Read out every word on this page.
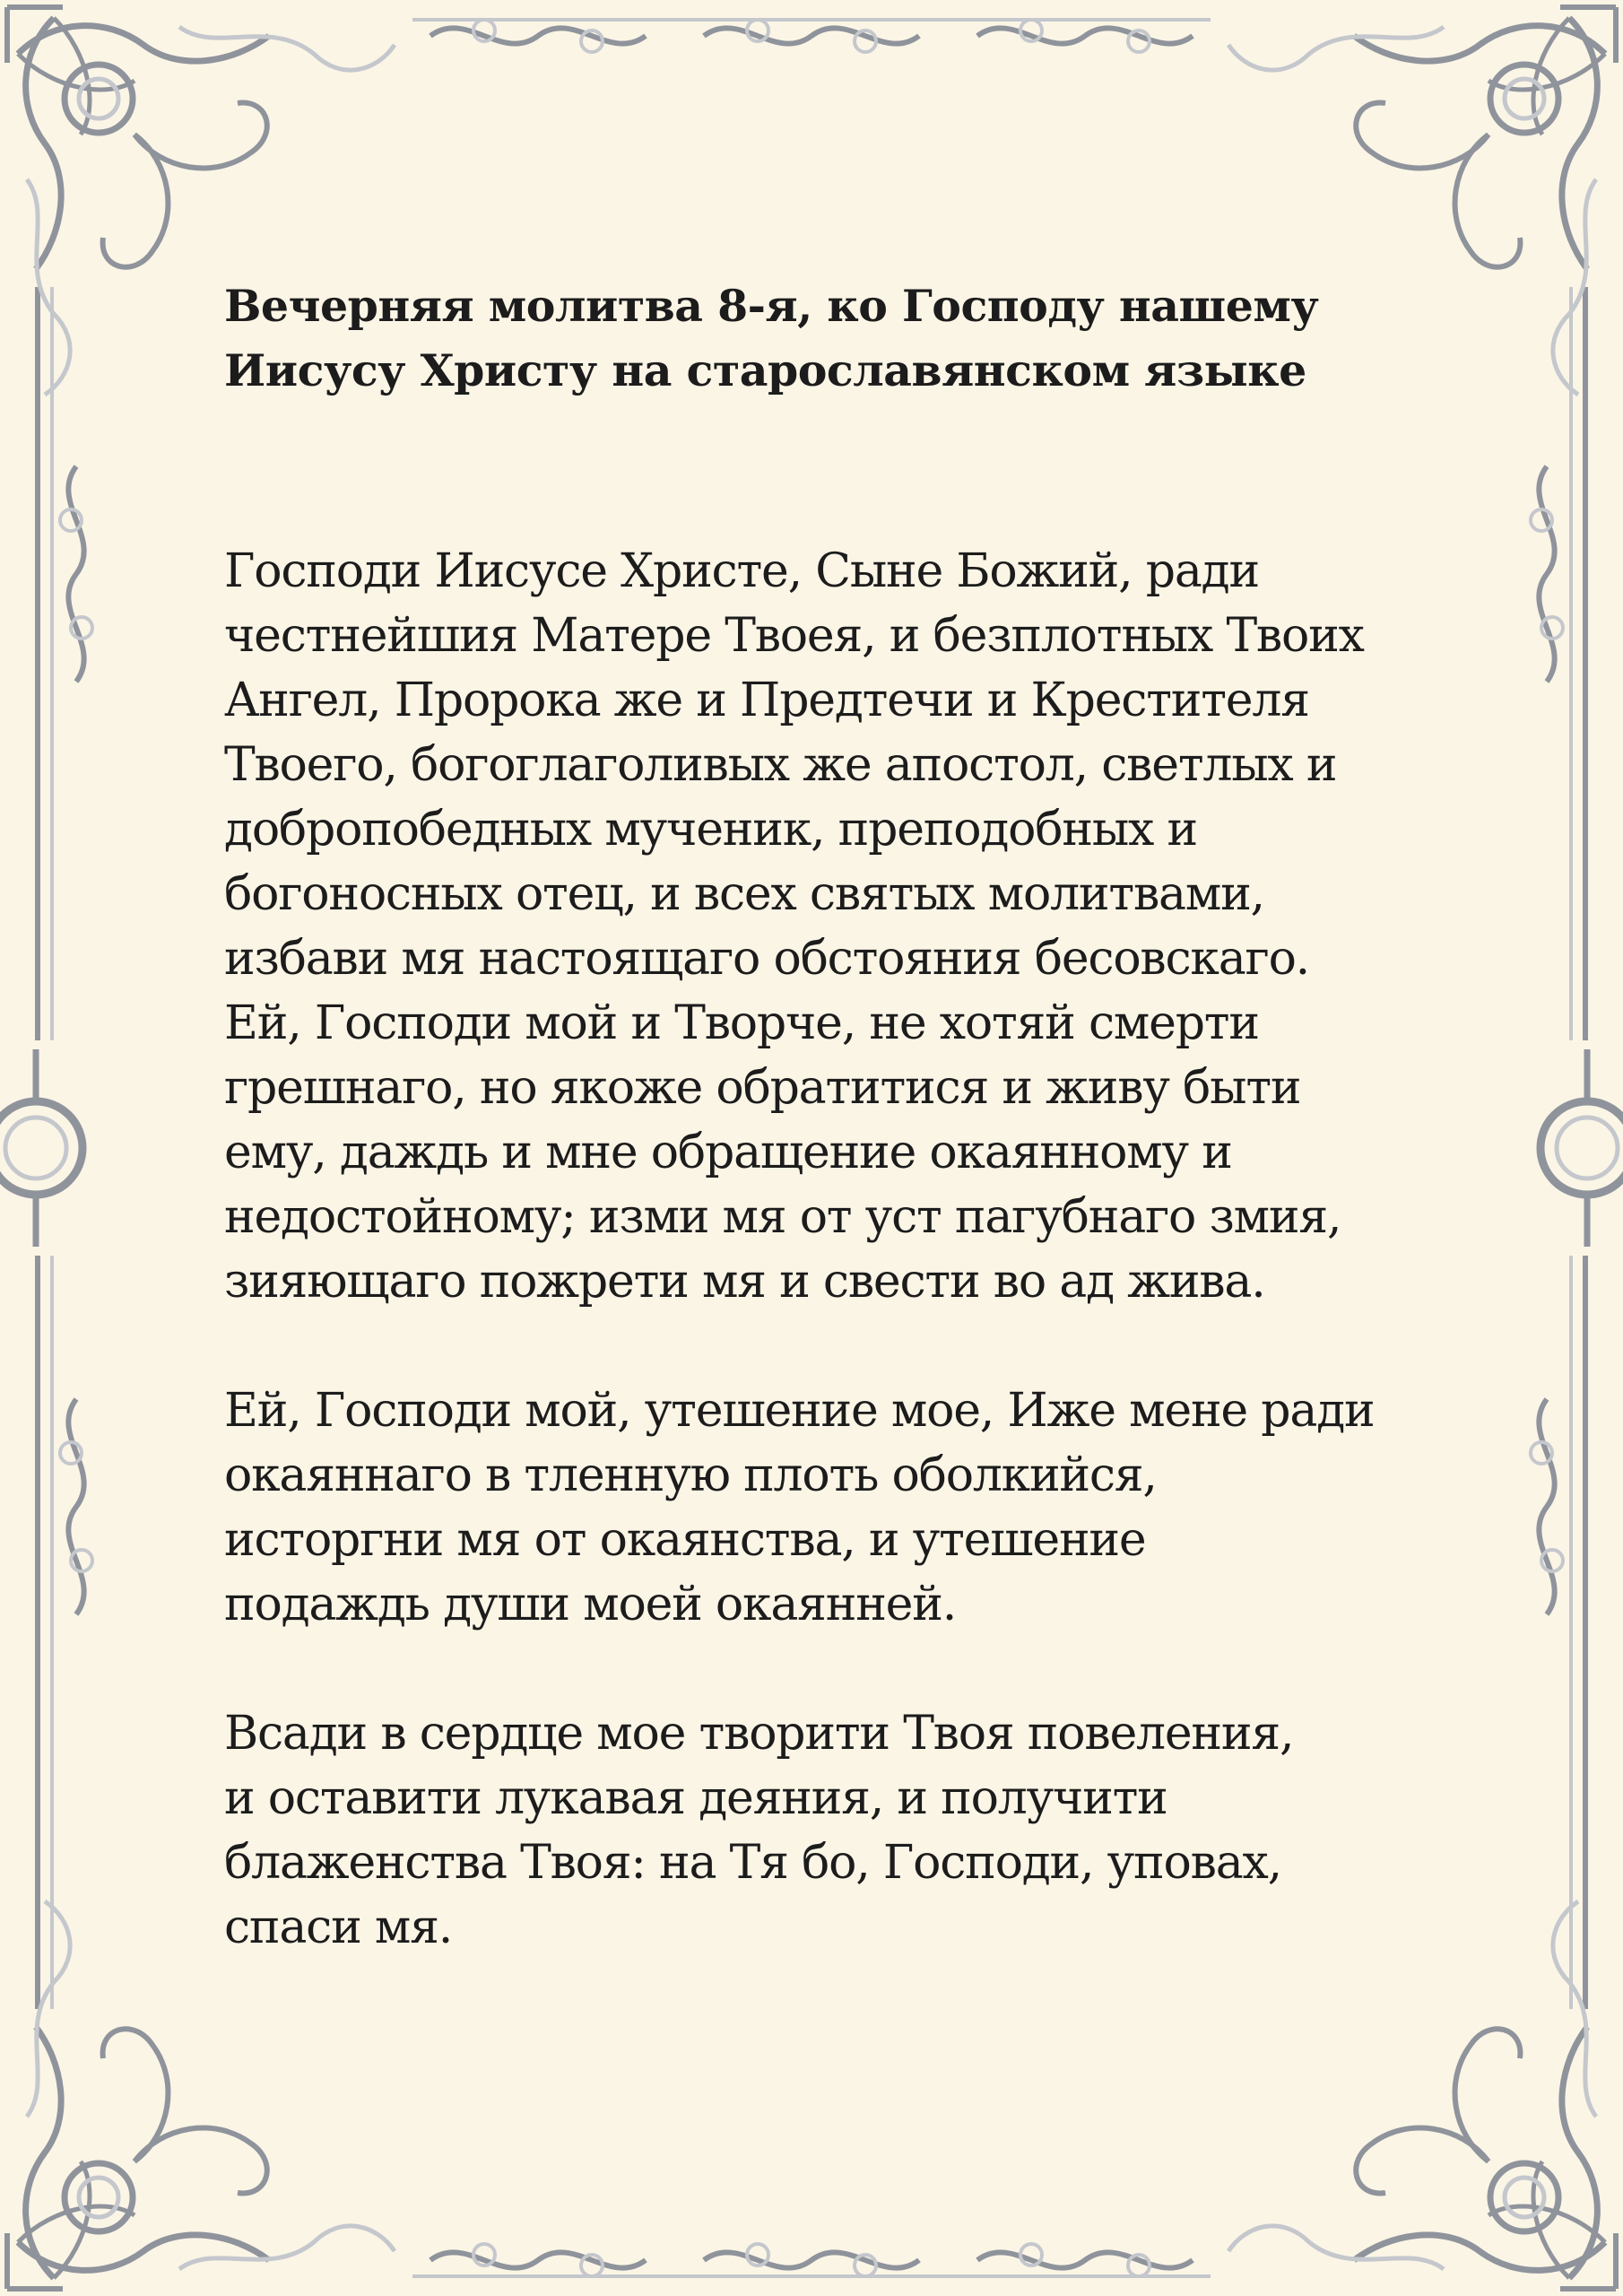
Вечерняя молитва 8-я, ко Господу нашему
Иисусу Христу на старославянском языке
Господи Иисусе Христе, Сыне Божий, ради
честнейшия Матере Твоея, и безплотных Твоих
Ангел, Пророка же и Предтечи и Крестителя
Твоего, богоглаголивых же апостол, светлых и
добропобедных мученик, преподобных и
богоносных отец, и всех святых молитвами,
избави мя настоящаго обстояния бесовскаго.
Ей, Господи мой и Творче, не хотяй смерти
грешнаго, но якоже обратитися и живу быти
ему, даждь и мне обращение окаянному и
недостойному; изми мя от уст пагубнаго змия,
зияющаго пожрети мя и свести во ад жива.
Ей, Господи мой, утешение мое, Иже мене ради
окаяннаго в тленную плоть оболкийся,
исторгни мя от окаянства, и утешение
подаждь души моей окаянней.
Всади в сердце мое творити Твоя повеления,
и оставити лукавая деяния, и получити
блаженства Твоя: на Тя бо, Господи, уповах,
спаси мя.
